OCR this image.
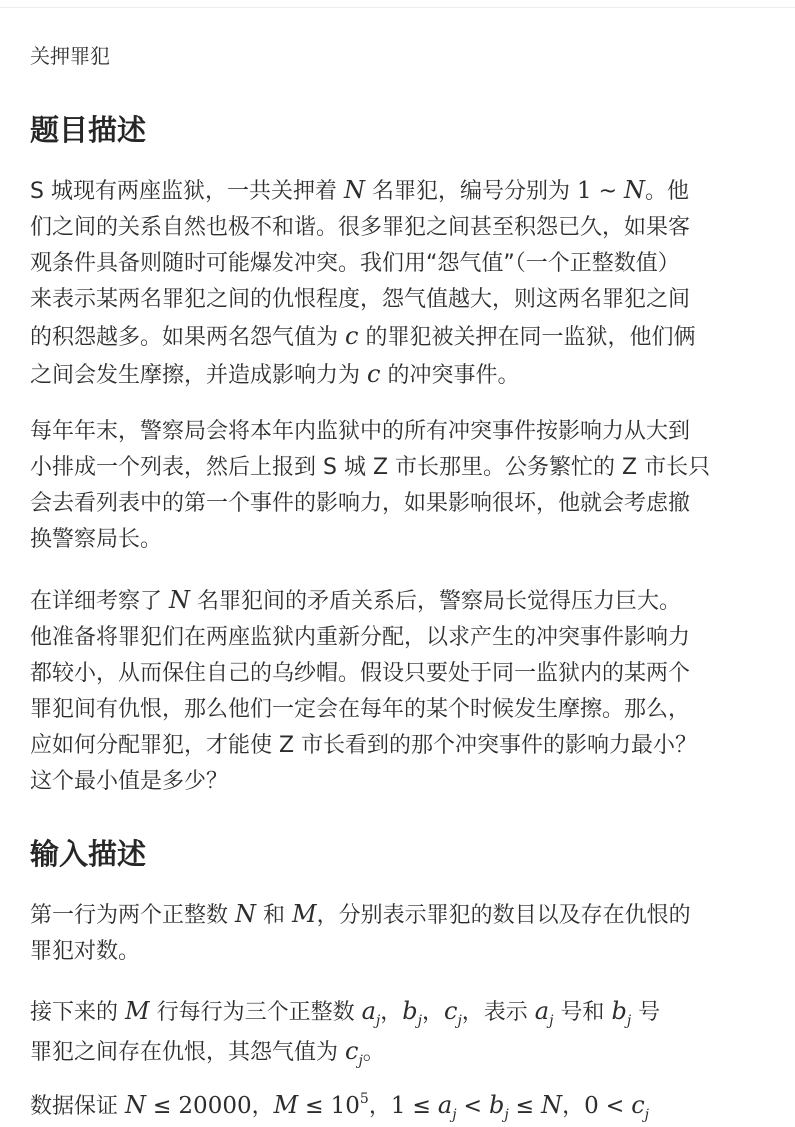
关押罪犯
题目描述
S 城现有两座监狱，一共关押着 N 名罪犯，编号分别为 1 ~ N。他
们之间的关系自然也极不和谐。很多罪犯之间甚至积怨已久，如果客
观条件具备则随时可能爆发冲突。我们用“怨气值”（一个正整数值）
来表示某两名罪犯之间的仇恨程度，怨气值越大，则这两名罪犯之间
的积怨越多。如果两名怨气值为 c 的罪犯被关押在同一监狱，他们俩
之间会发生摩擦，并造成影响力为 c 的冲突事件。
每年年末，警察局会将本年内监狱中的所有冲突事件按影响力从大到
小排成一个列表，然后上报到 S 城 Z 市长那里。公务繁忙的 Z 市长只
会去看列表中的第一个事件的影响力，如果影响很坏，他就会考虑撤
换警察局长。
在详细考察了 N 名罪犯间的矛盾关系后，警察局长觉得压力巨大。
他准备将罪犯们在两座监狱内重新分配，以求产生的冲突事件影响力
都较小，从而保住自己的乌纱帽。假设只要处于同一监狱内的某两个
罪犯间有仇恨，那么他们一定会在每年的某个时候发生摩擦。那么，
应如何分配罪犯，才能使 Z 市长看到的那个冲突事件的影响力最小？
这个最小值是多少？
输入描述
第一行为两个正整数 N 和 M，分别表示罪犯的数目以及存在仇恨的
罪犯对数。
接下来的 M 行每行为三个正整数 $a_j$，$b_j$，$c_j$，表示 $a_j$ 号和 $b_j$ 号
罪犯之间存在仇恨，其怨气值为 $c_j$。
数据保证 N ≤ 20000，$M \le 10^5$，$1 \le a_j < b_j \le N$，$0 < c_j$
